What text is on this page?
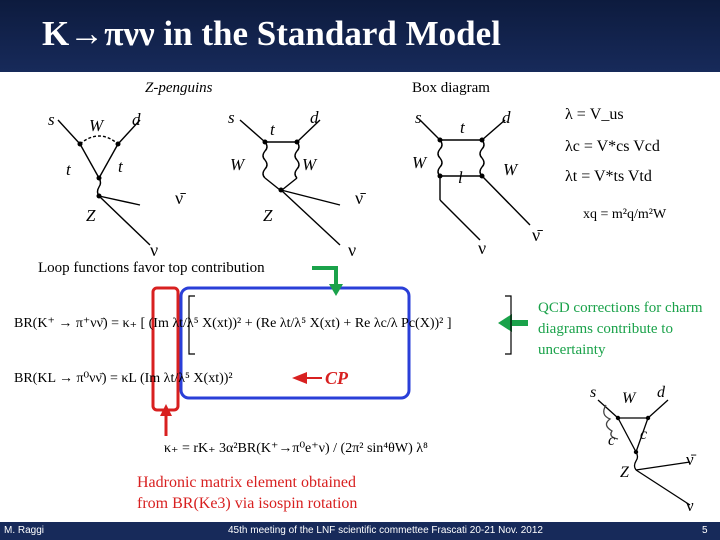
K→πνν in the Standard Model
Z-penguins	Box diagram
s W d
t	t
Z
ν̄
ν
s
t
d
W	W
Z
ν̄
ν
s
t
d
W	W
l
ν
ν̄
λ = V_us
λc = V*cs Vcd
λt = V*ts Vtd
xq = m²q/m²W
Loop functions favor top contribution
QCD corrections for charm diagrams contribute to uncertainty
CP
Hadronic matrix element obtained
from BR(Ke3) via isospin rotation
BR(K⁺ → π⁺νν̄) = κ₊ [ (Im λt/λ⁵ X(xt))² + (Re λt/λ⁵ X(xt) + Re λc/λ Pc(X))² ]
BR(KL → π⁰νν̄) = κL (Im λt/λ⁵ X(xt))²
κ₊ = rK₊ 3α²BR(K⁺→π⁰e⁺ν) / (2π² sin⁴θW) λ⁸
s W d
c c
Z
ν̄
ν
M. Raggi	45th meeting of the LNF scientific commettee Frascati 20-21 Nov. 2012	5
